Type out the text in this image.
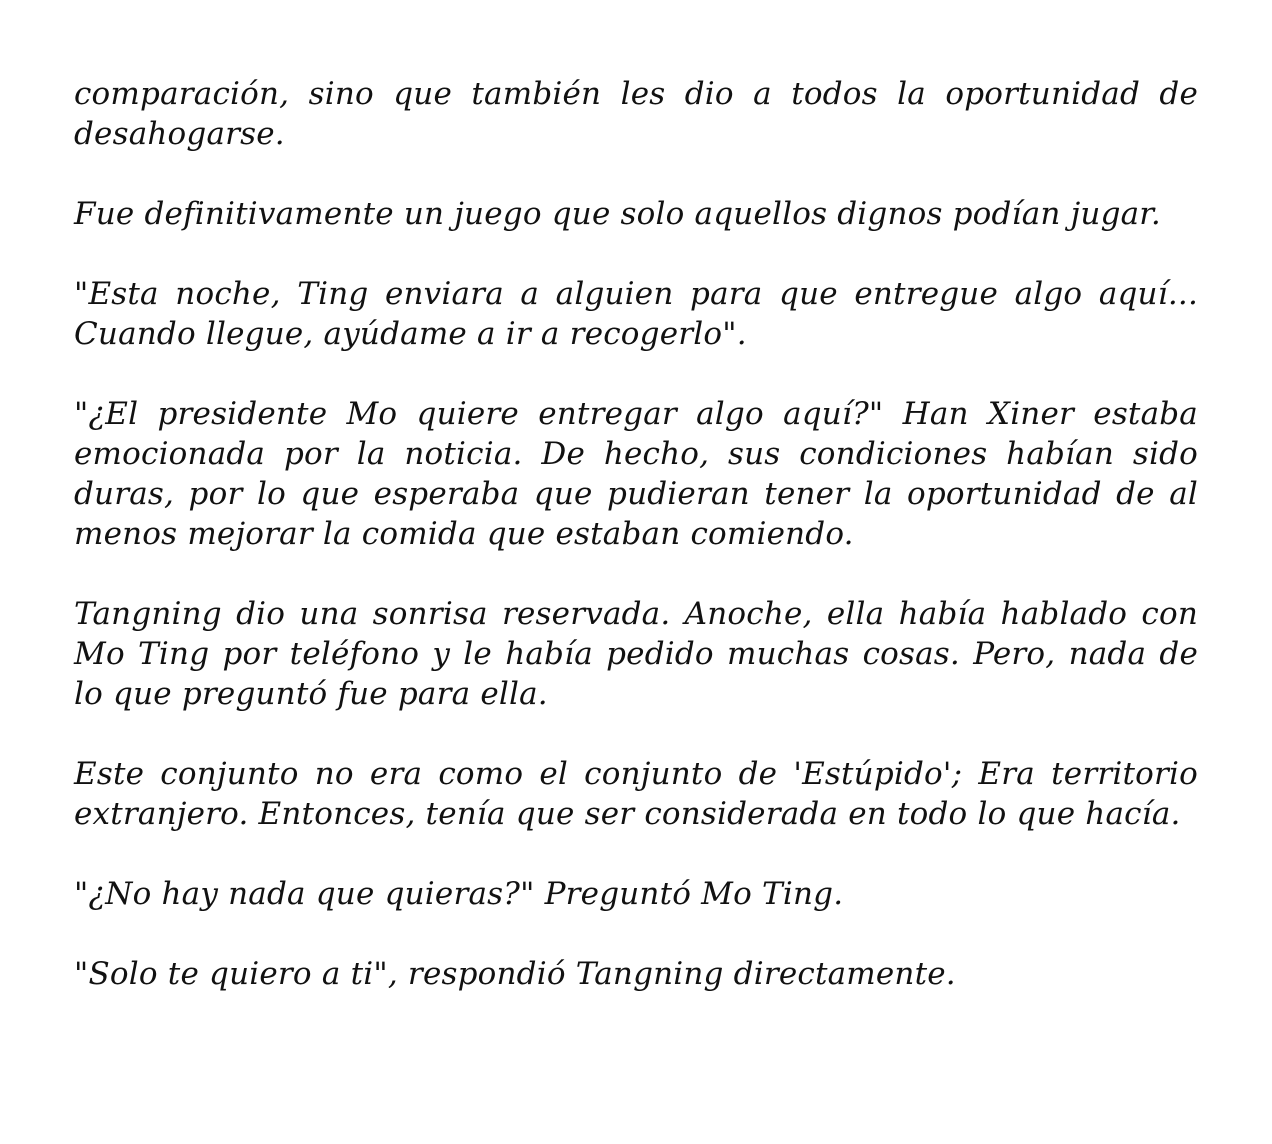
comparación, sino que también les dio a todos la oportunidad de desahogarse.

Fue definitivamente un juego que solo aquellos dignos podían jugar.

"Esta noche, Ting enviara a alguien para que entregue algo aquí... Cuando llegue, ayúdame a ir a recogerlo".

"¿El presidente Mo quiere entregar algo aquí?" Han Xiner estaba emocionada por la noticia. De hecho, sus condiciones habían sido duras, por lo que esperaba que pudieran tener la oportunidad de al menos mejorar la comida que estaban comiendo.

Tangning dio una sonrisa reservada. Anoche, ella había hablado con Mo Ting por teléfono y le había pedido muchas cosas. Pero, nada de lo que preguntó fue para ella.

Este conjunto no era como el conjunto de 'Estúpido'; Era territorio extranjero. Entonces, tenía que ser considerada en todo lo que hacía.

"¿No hay nada que quieras?" Preguntó Mo Ting.

"Solo te quiero a ti", respondió Tangning directamente.
